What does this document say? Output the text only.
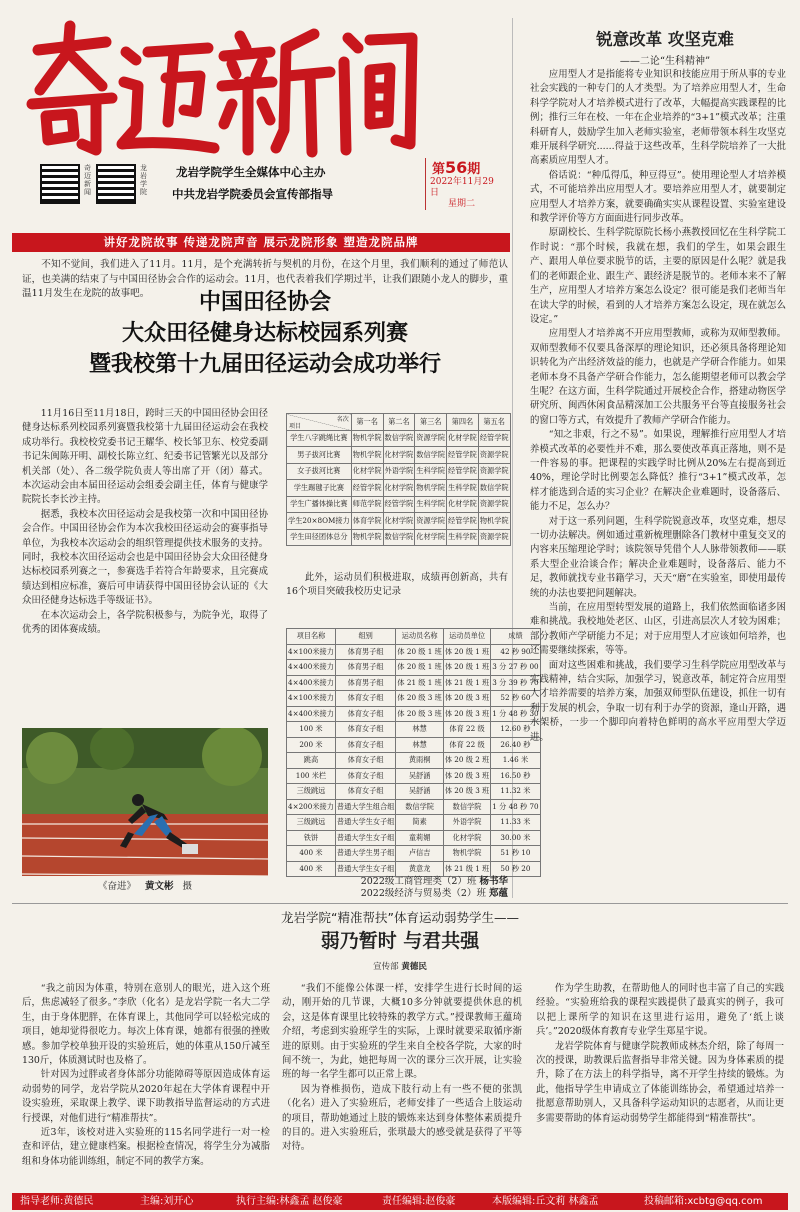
奇迈新闻
奇迈新闻
龙岩学院
龙岩学院学生全媒体中心主办
中共龙岩学院委员会宣传部指导
第56期
2022年11月29日
星期二
讲好龙院故事 传递龙院声音 展示龙院形象 塑造龙院品牌

不知不觉间，我们进入了11月。11月，是个充满转折与契机的月份，在这个月里，我们顺利的通过了师范认证，也美满的结束了与中国田径协会合作的运动会。11月，也代表着我们学期过半，让我们跟随小龙人的脚步，重温11月发生在龙院的故事吧。	中国田径协会
大众田径健身达标校园系列赛
暨我校第十九届田径运动会成功举行

11月16日至11月18日，跨时三天的中国田径协会田径健身达标系列校园系列赛暨我校第十九届田径运动会在我校成功举行。我校校党委书记王耀华、校长邹卫东、校党委副书记朱闽陈开明、副校长陈立红、纪委书记管繁光以及部分机关部（处）、各二级学院负责人等出席了开（闭）幕式。本次运动会由本届田径运动会组委会副主任，体育与健康学院院长李长沙主持。

据悉，我校本次田径运动会是我校第一次和中国田径协会合作。中国田径协会作为本次我校田径运动会的赛事指导单位，为我校本次运动会的组织管理提供技术服务的支持。同时，我校本次田径运动会也是中国田径协会大众田径健身达标校园系列赛之一，参赛选手若符合年龄要求，且完赛成绩达到相应标准，赛后可申请获得中国田径协会认证的《大众田径健身达标选手等级证书》。

在本次运动会上，各学院积极参与，为院争光，取得了优秀的团体赛成绩。

名次
项目	第一名	第二名	第三名	第四名	第五名
学生八字跳绳比赛	物机学院	数信学院	资源学院	化材学院	经管学院
男子拔河比赛	物机学院	化材学院	数信学院	经管学院	资源学院
女子拔河比赛	化材学院	外语学院	生科学院	经管学院	资源学院
学生踢毽子比赛	经管学院	化材学院	物机学院	生科学院	数信学院
学生广播体操比赛	师范学院	经管学院	生科学院	化材学院	资源学院
学生20×8OM接力	体育学院	化材学院	资源学院	经管学院	物机学院
学生田径团体总分	物机学院	数信学院	化材学院	生科学院	资源学院

此外，运动员们积极进取，成绩再创新高，共有16个项目突破我校历史记录

《奋进》 黄文彬 摄
项目名称	组别	运动员名称	运动员单位	成绩
4×100米接力	体育男子组	体 20 级 1 班	体 20 级 1 班	42 秒 90
4×400米接力	体育男子组	体 20 级 1 班	体 20 级 1 班	3 分 27 秒 00
4×400米接力	体育男子组	体 21 级 1 班	体 21 级 1 班	3 分 39 秒 70
4×100米接力	体育女子组	体 20 级 3 班	体 20 级 3 班	52 秒 60
4×400米接力	体育女子组	体 20 级 3 班	体 20 级 3 班	1 分 48 秒 30
100 米	体育女子组	林慧	体育 22 级	12.60 秒
200 米	体育女子组	林慧	体育 22 级	26.40 秒
跳高	体育女子组	黄雨桐	体 20 级 2 班	1.46 米
100 米栏	体育女子组	吴舒涵	体 20 级 3 班	16.50 秒
三级跳远	体育女子组	吴舒涵	体 20 级 3 班	11.32 米
4×200米接力	普通大学生组合组	数信学院	数信学院	1 分 48 秒 70
三级跳远	普通大学生女子组	简素	外语学院	11.33 米
铁饼	普通大学生女子组	童莉媚	化材学院	30.00 米
400 米	普通大学生男子组	卢信吉	物机学院	51 秒 10
400 米	普通大学生女子组	黄意龙	体 21 级 1 班	50 秒 20
2022级工商管理类（2）班 杨书华
2022级经济与贸易类（2）班 郑蕴
锐意改革 攻坚克难
——二论“生科精神”

应用型人才是指能将专业知识和技能应用于所从事的专业社会实践的一种专门的人才类型。为了培养应用型人才，生命科学学院对人才培养模式进行了改革，大幅提高实践课程的比例；推行三年在校、一年在企业培养的“3+1”模式改革；注重科研育人，鼓励学生加入老师实验室，老师带领本科生攻坚克难开展科学研究......得益于这些改革，生科学院培养了一大批高素质应用型人才。

俗话说：“种瓜得瓜，种豆得豆”。使用理论型人才培养模式，不可能培养出应用型人才。要培养应用型人才，就要制定应用型人才培养方案，就要确确实实从课程设置、实验室建设和教学评价等方方面面进行同步改革。

原副校长、生科学院原院长杨小燕教授回忆在生科学院工作时说：“那个时候，我就在想，我们的学生，如果会跟生产、跟用人单位要求脱节的话，主要的原因是什么呢？就是我们的老师跟企业、跟生产、跟经济是脱节的。老师本来不了解生产，应用型人才培养方案怎么设定？很可能是我们老师当年在读大学的时候，看到的人才培养方案怎么设定，现在就怎么设定。”

应用型人才培养离不开应用型教师，或称为双师型教师。双师型教师不仅要具备深厚的理论知识，还必须具备将理论知识转化为产出经济效益的能力，也就是产学研合作能力。如果老师本身不具备产学研合作能力，怎么能期望老师可以教会学生呢？在这方面，生科学院通过开展校企合作，搭建动物医学研究所、闽西休闲食品精深加工公共服务平台等直接服务社会的窗口等方式，有效提升了教师产学研合作能力。

“知之非艰，行之不易”。如果说，理解推行应用型人才培养模式改革的必要性并不难，那么要使改革真正落地，则不是一件容易的事。把课程的实践学时比例从20%左右提高到近40%，理论学时比例要怎么降低？推行“3+1”模式改革，怎样才能选到合适的实习企业？在解决企业难题时，设备落后、能力不足，怎么办？

对于这一系列问题，生科学院锐意改革，攻坚克难，想尽一切办法解决。例如通过重新梳理删除各门教材中重复交叉的内容来压缩理论学时；该院领导凭借个人人脉带领教师——联系大型企业洽谈合作；解决企业难题时，设备落后、能力不足，教师就找专业书籍学习，天天“磨”在实验室，即使用最传统的办法也要把问题解决。

当前，在应用型转型发展的道路上，我们依然面临诸多困难和挑战。我校地处老区、山区，引进高层次人才较为困难；部分教师产学研能力不足；对于应用型人才应该如何培养，也还需要继续探索，等等。

面对这些困难和挑战，我们要学习生科学院应用型改革与实践精神，结合实际，加强学习，锐意改革，制定符合应用型人才培养需要的培养方案，加强双师型队伍建设，抓住一切有利于发展的机会，争取一切有利于办学的资源，逢山开路，遇水架桥，一步一个脚印向着特色鲜明的高水平应用型大学迈进。

龙岩学院“精准帮扶”体育运动弱势学生——
弱乃暂时 与君共强
宣传部 黄德民

“我之前因为体重，特别在意别人的眼光，进入这个班后，焦虑减轻了很多。”李欣（化名）是龙岩学院一名大二学生，由于身体肥胖，在体育课上，其他同学可以轻松完成的项目，她却觉得很吃力。每次上体育课，她都有很强的挫败感。参加学校单独开设的实验班后，她的体重从150斤减至130斤，体质测试时也及格了。

针对因为过胖或者身体部分功能障碍等原因造成体育运动弱势的同学，龙岩学院从2020年起在大学体育课程中开设实验班，采取课上教学、课下助教指导监督运动的方式进行授课，对他们进行“精准帮扶”。

近3年，该校对进入实验班的115名同学进行一对一检查和评估，建立健康档案。根据检查情况，将学生分为减脂组和身体功能训练组，制定不同的教学方案。

“我们不能像公体课一样，安排学生进行长时间的运动，刚开始的几节课，大概10多分钟就要提供休息的机会，这是体育课里比较特殊的教学方式。”授课教师王蘊琦介绍，考虑到实验班学生的实际，上课时就要采取循序渐进的原则。由于实验班的学生来自全校各学院，大家的时间不统一，为此，她把每周一次的课分三次开展，让实验班的每一名学生都可以正常上课。

因为脊椎损伤，造成下肢行动上有一些不便的张凯（化名）进入了实验班后，老师安排了一些适合上肢运动的项目，帮助她通过上肢的锻炼来达到身体整体素质提升的目的。进入实验班后，张琪最大的感受就是获得了平等对待。

作为学生助教，在帮助他人的同时也丰富了自己的实践经验。“实验班给我的课程实践提供了最真实的例子，我可以把上课所学的知识在这里进行运用，避免了‘纸上谈兵’。”2020级体育教育专业学生郑星宇说。

龙岩学院体育与健康学院教师成林杰介绍，除了每周一次的授课，助教课后监督指导非常关键。因为身体素质的提升，除了在方法上的科学指导，离不开学生持续的锻炼。为此，他指导学生申请成立了体能训练协会，希望通过培养一批愿意帮助别人，又具备科学运动知识的志愿者，从而让更多需要帮助的体育运动弱势学生都能得到“精准帮扶”。

指导老师:黄德民	主编:刘开心	执行主编:林鑫孟 赵俊豪	责任编辑:赵俊豪	本版编辑:丘文莉 林鑫孟	投稿邮箱:xcbtg@qq.com
